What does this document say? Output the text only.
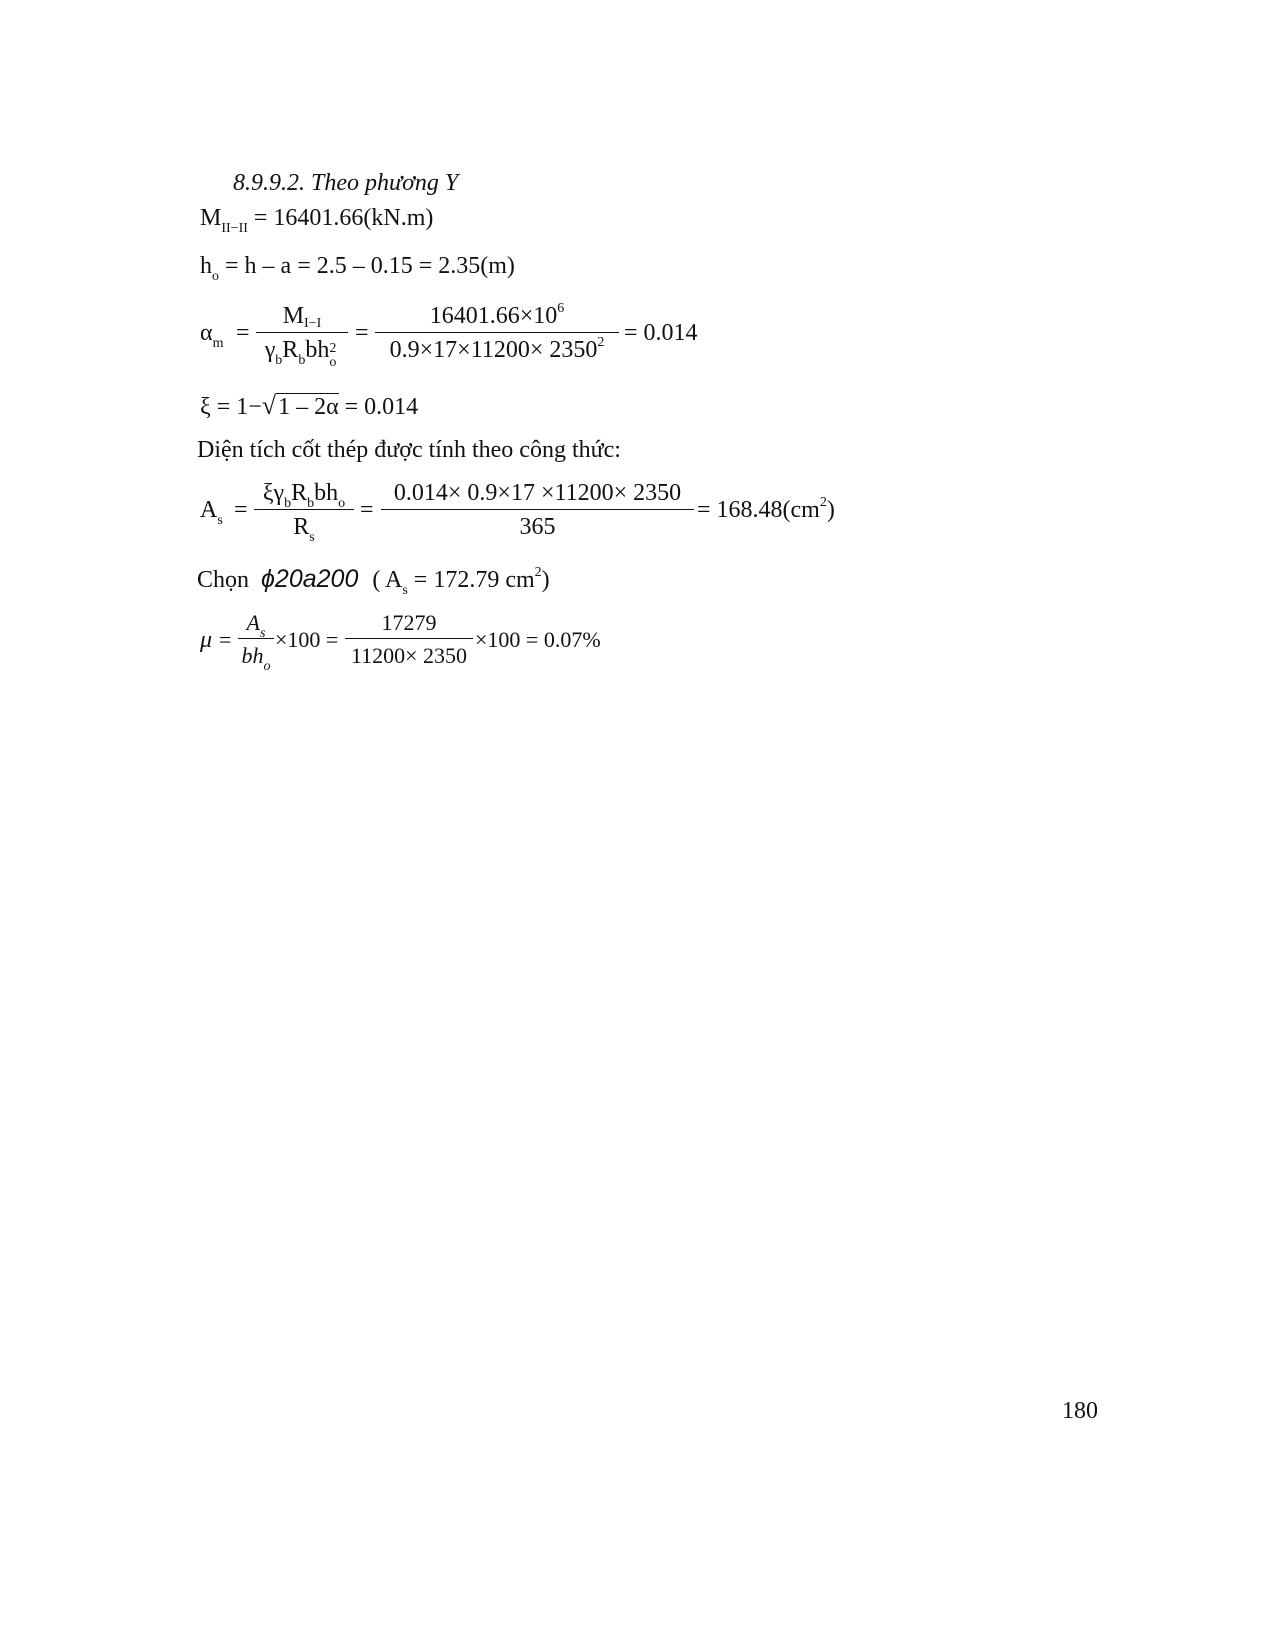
8.9.9.2. Theo phương Y
$M_{II-II} = 16401.66(kN.m)$
$h_o = h - a = 2.5 - 0.15 = 2.35(m)$
$\alpha_m$ =
MI−I
$\gamma_bR_bbh$ 2
o
=
$16401.66\times 10^6$
$0.9\times 17\times 11200\times 2350^2 = 0.014$
ξ = 1−√1 – 2α = 0.014
Diện tích cốt thép được tính theo công thức:
$A_s$ =
$\xi\gamma_bR_bbh_o$
$R_s$
=
0.014× 0.9×17 ×11200× 2350
365
= $168.48(cm^2)$
Chọn ϕ20a200 ( $A_s = 172.79$ $cm^2$)
μ =
$A_s$
$bh_o$
×100 =
17279
11200× 2350
×100 = 0.07%
180
